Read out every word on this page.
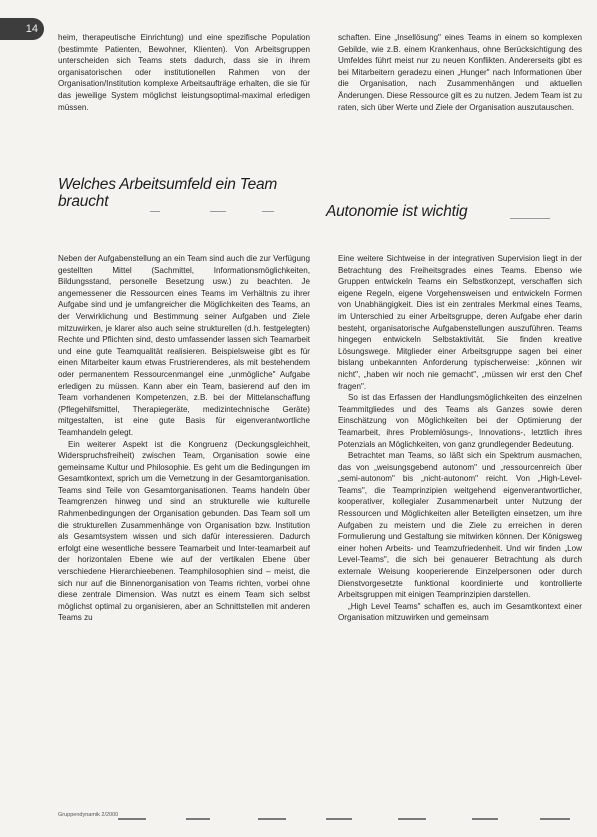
14

heim, therapeutische Einrichtung) und eine spezifische Population (bestimmte Patienten, Bewohner, Klienten). Von Arbeitsgruppen unterscheiden sich Teams stets dadurch, dass sie in ihrem organisatorischen oder institutionellen Rahmen von der Organisation/Institution komplexe Arbeitsaufträge erhalten, die sie für das jeweilige System möglichst leistungsoptimal-maximal erledigen müssen.

schaften. Eine „Insellösung" eines Teams in einem so komplexen Gebilde, wie z.B. einem Krankenhaus, ohne Berücksichtigung des Umfeldes führt meist nur zu neuen Konflikten. Andererseits gibt es bei Mitarbeitern geradezu einen „Hunger" nach Informationen über die Organisation, nach Zusammenhängen und aktuellen Änderungen. Diese Ressource gilt es zu nutzen. Jedem Team ist zu raten, sich über Werte und Ziele der Organisation auszutauschen.

Welches Arbeitsumfeld ein Team braucht
Autonomie ist wichtig

Neben der Aufgabenstellung an ein Team sind auch die zur Verfügung gestellten Mittel (Sachmittel, Informationsmöglichkeiten, Bildungsstand, personelle Besetzung usw.) zu beachten. Je angemessener die Ressourcen eines Teams im Verhältnis zu ihrer Aufgabe sind und je umfangreicher die Möglichkeiten des Teams, an der Verwirklichung und Bestimmung seiner Aufgaben und Ziele mitzuwirken, je klarer also auch seine strukturellen (d.h. festgelegten) Rechte und Pflichten sind, desto umfassender lassen sich Teamarbeit und eine gute Teamqualität realisieren. Beispielsweise gibt es für einen Mitarbeiter kaum etwas Frustrierenderes, als mit bestehendem oder permanentem Ressourcenmangel eine „unmögliche" Aufgabe erledigen zu müssen. Kann aber ein Team, basierend auf den im Team vorhandenen Kompetenzen, z.B. bei der Mittelanschaffung (Pflegehilfsmittel, Therapiegeräte, medizintechnische Geräte) mitgestalten, ist eine gute Basis für eigenverantwortliche Teamhandeln gelegt.

Ein weiterer Aspekt ist die Kongruenz (Deckungsgleichheit, Widerspruchsfreiheit) zwischen Team, Organisation sowie eine gemeinsame Kultur und Philosophie. Es geht um die Bedingungen im Gesamtkontext, sprich um die Vernetzung in der Gesamtorganisation. Teams sind Teile von Gesamtorganisationen. Teams handeln über Teamgrenzen hinweg und sind an strukturelle wie kulturelle Rahmenbedingungen der Organisation gebunden. Das Team soll um die strukturellen Zusammenhänge von Organisation bzw. Institution als Gesamtsystem wissen und sich dafür interessieren. Dadurch erfolgt eine wesentliche bessere Teamarbeit und Inter-teamarbeit auf der horizontalen Ebene wie auf der vertikalen Ebene über verschiedene Hierarchieebenen. Teamphilosophien sind – meist, die sich nur auf die Binnenorganisation von Teams richten, vorbei ohne diese zentrale Dimension. Was nutzt es einem Team sich selbst möglichst optimal zu organisieren, aber an Schnittstellen mit anderen Teams zu

Eine weitere Sichtweise in der integrativen Supervision liegt in der Betrachtung des Freiheitsgrades eines Teams. Ebenso wie Gruppen entwickeln Teams ein Selbstkonzept, verschaffen sich eigene Regeln, eigene Vorgehensweisen und entwickeln Formen von Unabhängigkeit. Dies ist ein zentrales Merkmal eines Teams, im Unterschied zu einer Arbeitsgruppe, deren Aufgabe eher darin besteht, organisatorische Aufgabenstellungen auszuführen. Teams hingegen entwickeln Selbstaktivität. Sie finden kreative Lösungswege. Mitglieder einer Arbeitsgruppe sagen bei einer bislang unbekannten Anforderung typischerweise: „können wir nicht", „haben wir noch nie gemacht", „müssen wir erst den Chef fragen".

So ist das Erfassen der Handlungsmöglichkeiten des einzelnen Teammitgliedes und des Teams als Ganzes sowie deren Einschätzung von Möglichkeiten bei der Optimierung der Teamarbeit, ihres Problemlösungs-, Innovations-, letztlich ihres Potenzials an Möglichkeiten, von ganz grundlegender Bedeutung.

Betrachtet man Teams, so läßt sich ein Spektrum ausmachen, das von „weisungsgebend autonom" und „ressourcenreich über „semi-autonom" bis „nicht-autonom" reicht. Von „High-Level-Teams", die Teamprinzipien weitgehend eigenverantwortlicher, kooperativer, kollegialer Zusammenarbeit unter Nutzung der Ressourcen und Möglichkeiten aller Beteiligten einsetzen, um ihre Aufgaben zu meistern und die Ziele zu erreichen in deren Formulierung und Gestaltung sie mitwirken können. Der Königsweg einer hohen Arbeits- und Teamzufriedenheit. Und wir finden „Low Level-Teams", die sich bei genauerer Betrachtung als durch externale Weisung kooperierende Einzelpersonen oder durch Dienstvorgesetzte funktional koordinierte und kontrollierte Arbeitsgruppen mit einigen Teamprinzipien darstellen.

„High Level Teams" schaffen es, auch im Gesamtkontext einer Organisation mitzuwirken und gemeinsam

Gruppendynamik 2/2000
